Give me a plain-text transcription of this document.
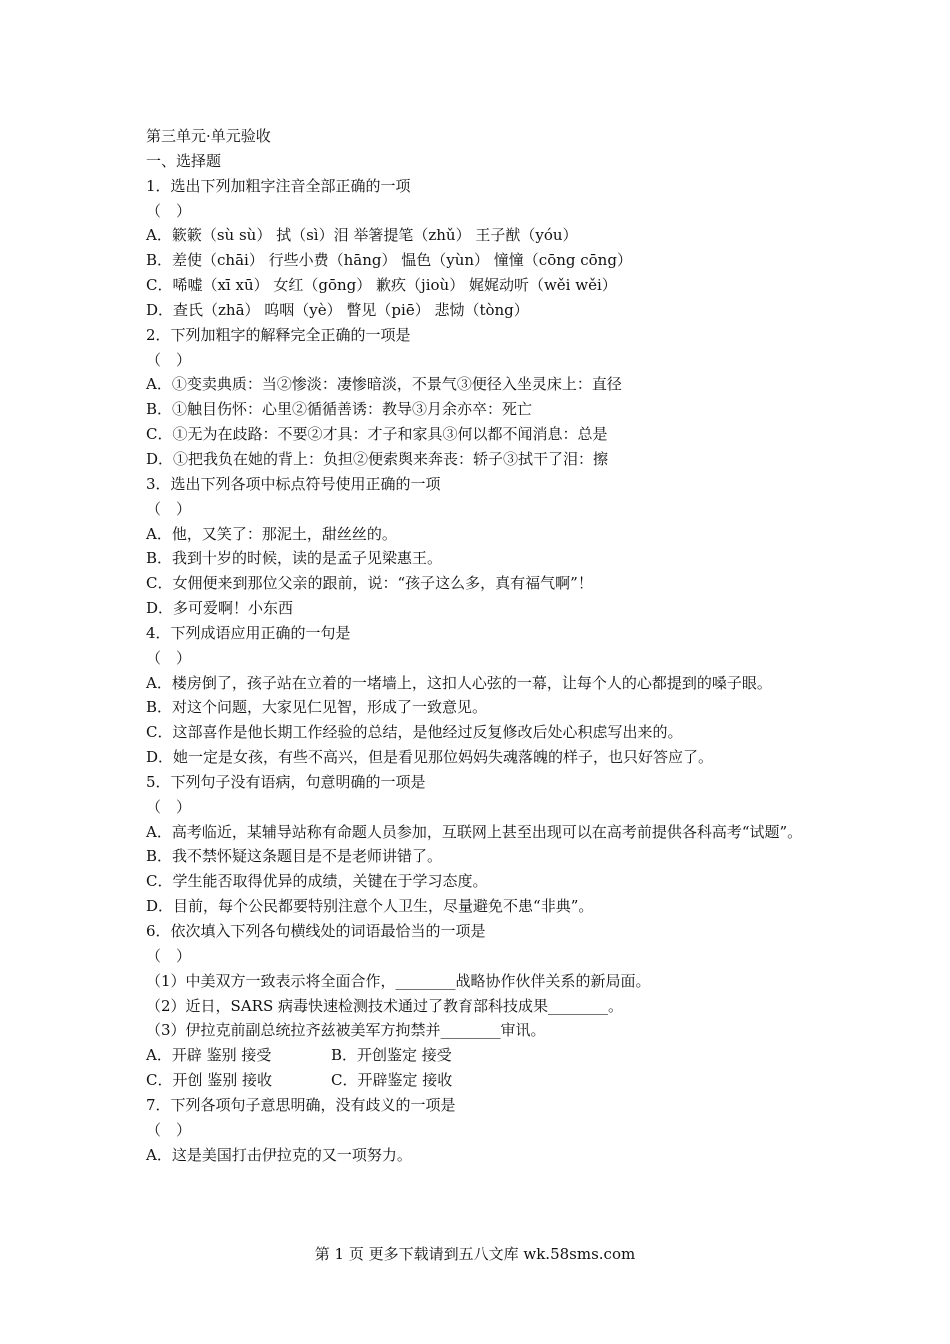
第三单元·单元验收
一、选择题
1．选出下列加粗字注音全部正确的一项
（　）
A．簌簌（sù sù） 拭（sì）泪 举箸提笔（zhǔ） 王子猷（yóu）
B．差使（chāi） 行些小费（hāng） 愠色（yùn） 憧憧（cōng cōng）
C．唏嘘（xī xū） 女红（gōng） 歉疚（jioù） 娓娓动听（wěi wěi）
D．查氏（zhā） 呜咽（yè） 瞥见（piē） 悲恸（tòng）
2．下列加粗字的解释完全正确的一项是
（　）
A．①变卖典质：当②惨淡：凄惨暗淡，不景气③便径入坐灵床上：直径
B．①触目伤怀：心里②循循善诱：教导③月余亦卒：死亡
C．①无为在歧路：不要②才具：才子和家具③何以都不闻消息：总是
D．①把我负在她的背上：负担②便索舆来奔丧：轿子③拭干了泪：擦
3．选出下列各项中标点符号使用正确的一项
（　）
A．他，又笑了：那泥土，甜丝丝的。
B．我到十岁的时候，读的是孟子见梁惠王。
C．女佣便来到那位父亲的跟前，说：“孩子这么多，真有福气啊”！
D．多可爱啊！小东西
4．下列成语应用正确的一句是
（　）
A．楼房倒了，孩子站在立着的一堵墙上，这扣人心弦的一幕，让每个人的心都提到的嗓子眼。
B．对这个问题，大家见仁见智，形成了一致意见。
C．这部喜作是他长期工作经验的总结，是他经过反复修改后处心积虑写出来的。
D．她一定是女孩，有些不高兴，但是看见那位妈妈失魂落魄的样子，也只好答应了。
5．下列句子没有语病，句意明确的一项是
（　）
A．高考临近，某辅导站称有命题人员参加，互联网上甚至出现可以在高考前提供各科高考“试题”。
B．我不禁怀疑这条题目是不是老师讲错了。
C．学生能否取得优异的成绩，关键在于学习态度。
D．目前，每个公民都要特别注意个人卫生，尽量避免不患“非典”。
6．依次填入下列各句横线处的词语最恰当的一项是
（　）
（1）中美双方一致表示将全面合作，________战略协作伙伴关系的新局面。
（2）近日，SARS 病毒快速检测技术通过了教育部科技成果________。
（3）伊拉克前副总统拉齐兹被美军方拘禁并________审讯。
A．开辟 鉴别 接受	B．开创鉴定 接受
C．开创 鉴别 接收	C．开辟鉴定 接收
7．下列各项句子意思明确，没有歧义的一项是
（　）
A．这是美国打击伊拉克的又一项努力。
第 1 页 更多下载请到五八文库 wk.58sms.com
